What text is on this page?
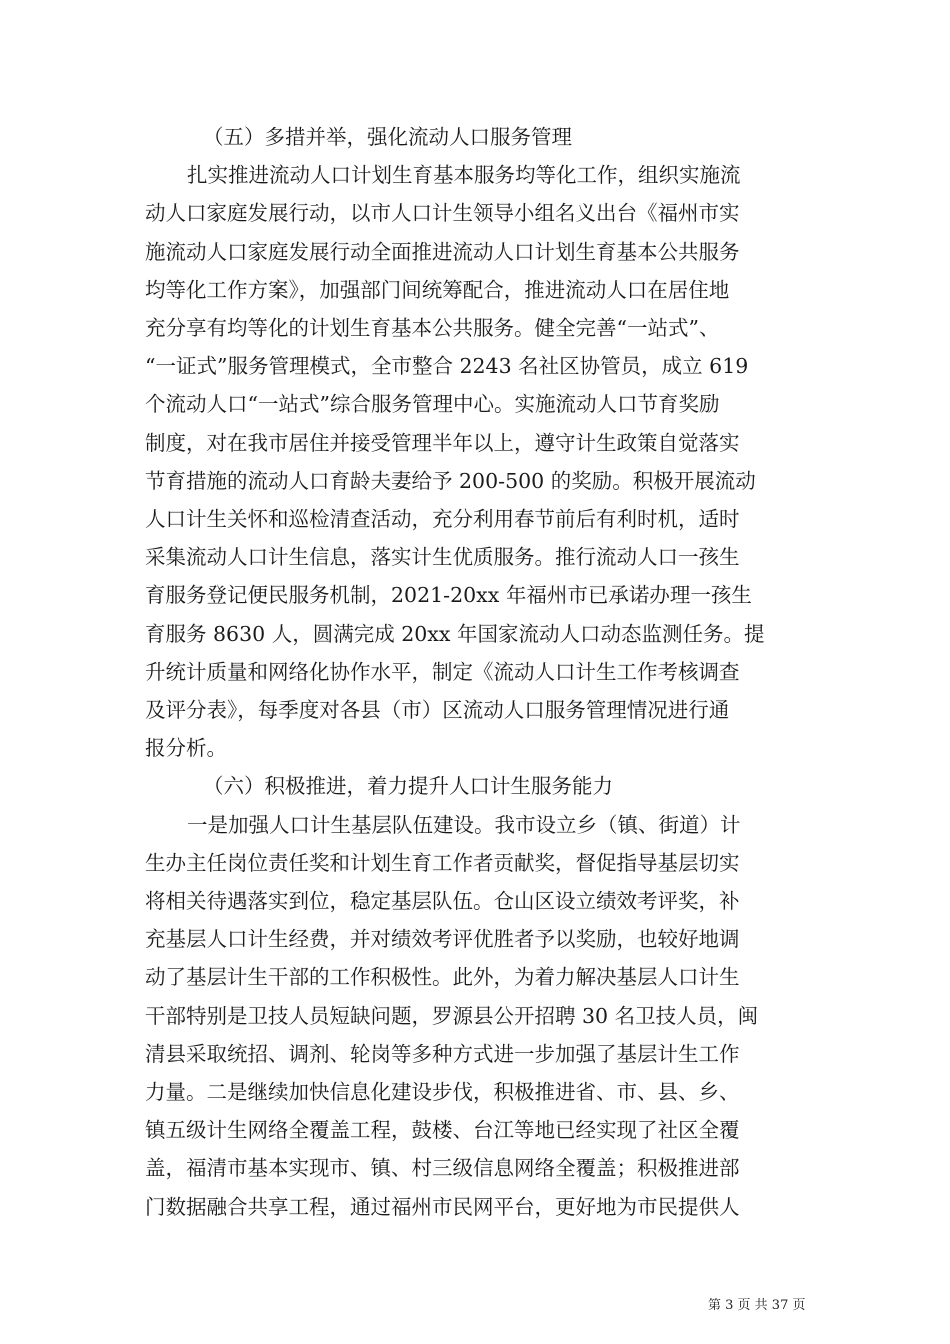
（五）多措并举，强化流动人口服务管理
扎实推进流动人口计划生育基本服务均等化工作，组织实施流
动人口家庭发展行动，以市人口计生领导小组名义出台《福州市实
施流动人口家庭发展行动全面推进流动人口计划生育基本公共服务
均等化工作方案》，加强部门间统筹配合，推进流动人口在居住地
充分享有均等化的计划生育基本公共服务。健全完善“一站式”、
“一证式”服务管理模式，全市整合 2243 名社区协管员，成立 619
个流动人口“一站式”综合服务管理中心。实施流动人口节育奖励
制度，对在我市居住并接受管理半年以上，遵守计生政策自觉落实
节育措施的流动人口育龄夫妻给予 200-500 的奖励。积极开展流动
人口计生关怀和巡检清查活动，充分利用春节前后有利时机，适时
采集流动人口计生信息，落实计生优质服务。推行流动人口一孩生
育服务登记便民服务机制，2021-20xx 年福州市已承诺办理一孩生
育服务 8630 人，圆满完成 20xx 年国家流动人口动态监测任务。提
升统计质量和网络化协作水平，制定《流动人口计生工作考核调查
及评分表》，每季度对各县（市）区流动人口服务管理情况进行通
报分析。
（六）积极推进，着力提升人口计生服务能力
一是加强人口计生基层队伍建设。我市设立乡（镇、街道）计
生办主任岗位责任奖和计划生育工作者贡献奖，督促指导基层切实
将相关待遇落实到位，稳定基层队伍。仓山区设立绩效考评奖，补
充基层人口计生经费，并对绩效考评优胜者予以奖励，也较好地调
动了基层计生干部的工作积极性。此外，为着力解决基层人口计生
干部特别是卫技人员短缺问题，罗源县公开招聘 30 名卫技人员，闽
清县采取统招、调剂、轮岗等多种方式进一步加强了基层计生工作
力量。二是继续加快信息化建设步伐，积极推进省、市、县、乡、
镇五级计生网络全覆盖工程，鼓楼、台江等地已经实现了社区全覆
盖，福清市基本实现市、镇、村三级信息网络全覆盖；积极推进部
门数据融合共享工程，通过福州市民网平台，更好地为市民提供人
第 3 页 共 37 页
